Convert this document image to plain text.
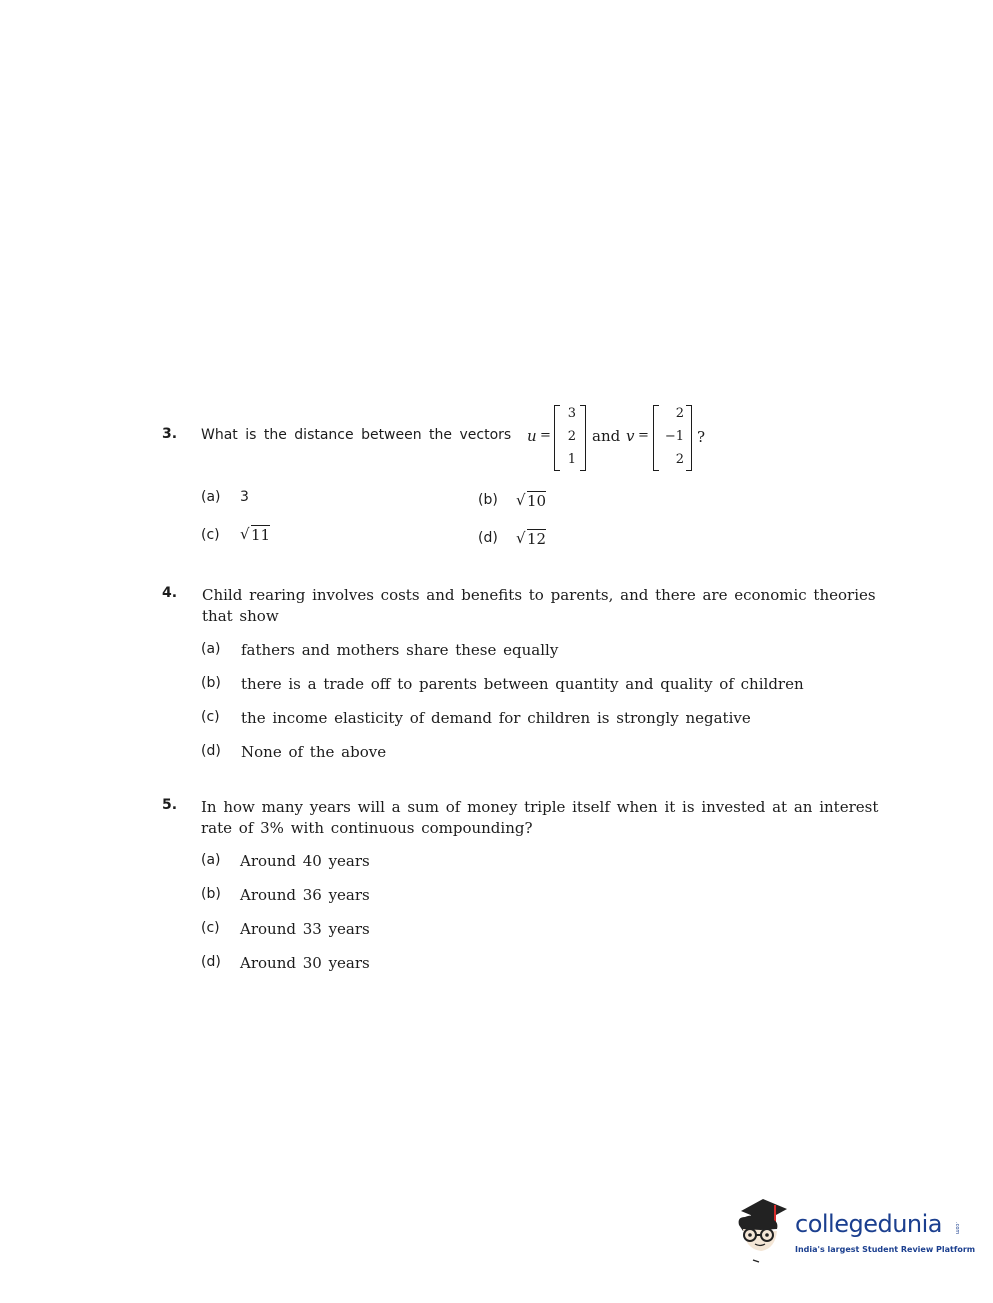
3. What is the distance between the vectors u =
3
2
1
and v =
2
−1
2
?
(a) 3	(b) √ 10
(c) √ 11	(d) √ 12
4. Child rearing involves costs and benefits to parents, and there are economic theories
that show
(a) fathers and mothers share these equally
(b) there is a trade off to parents between quantity and quality of children
(c) the income elasticity of demand for children is strongly negative
(d) None of the above
5. In how many years will a sum of money triple itself when it is invested at an interest
rate of 3% with continuous compounding?
(a) Around 40 years
(b) Around 36 years
(c) Around 33 years
(d) Around 30 years
collegedunia .com
India's largest Student Review Platform
